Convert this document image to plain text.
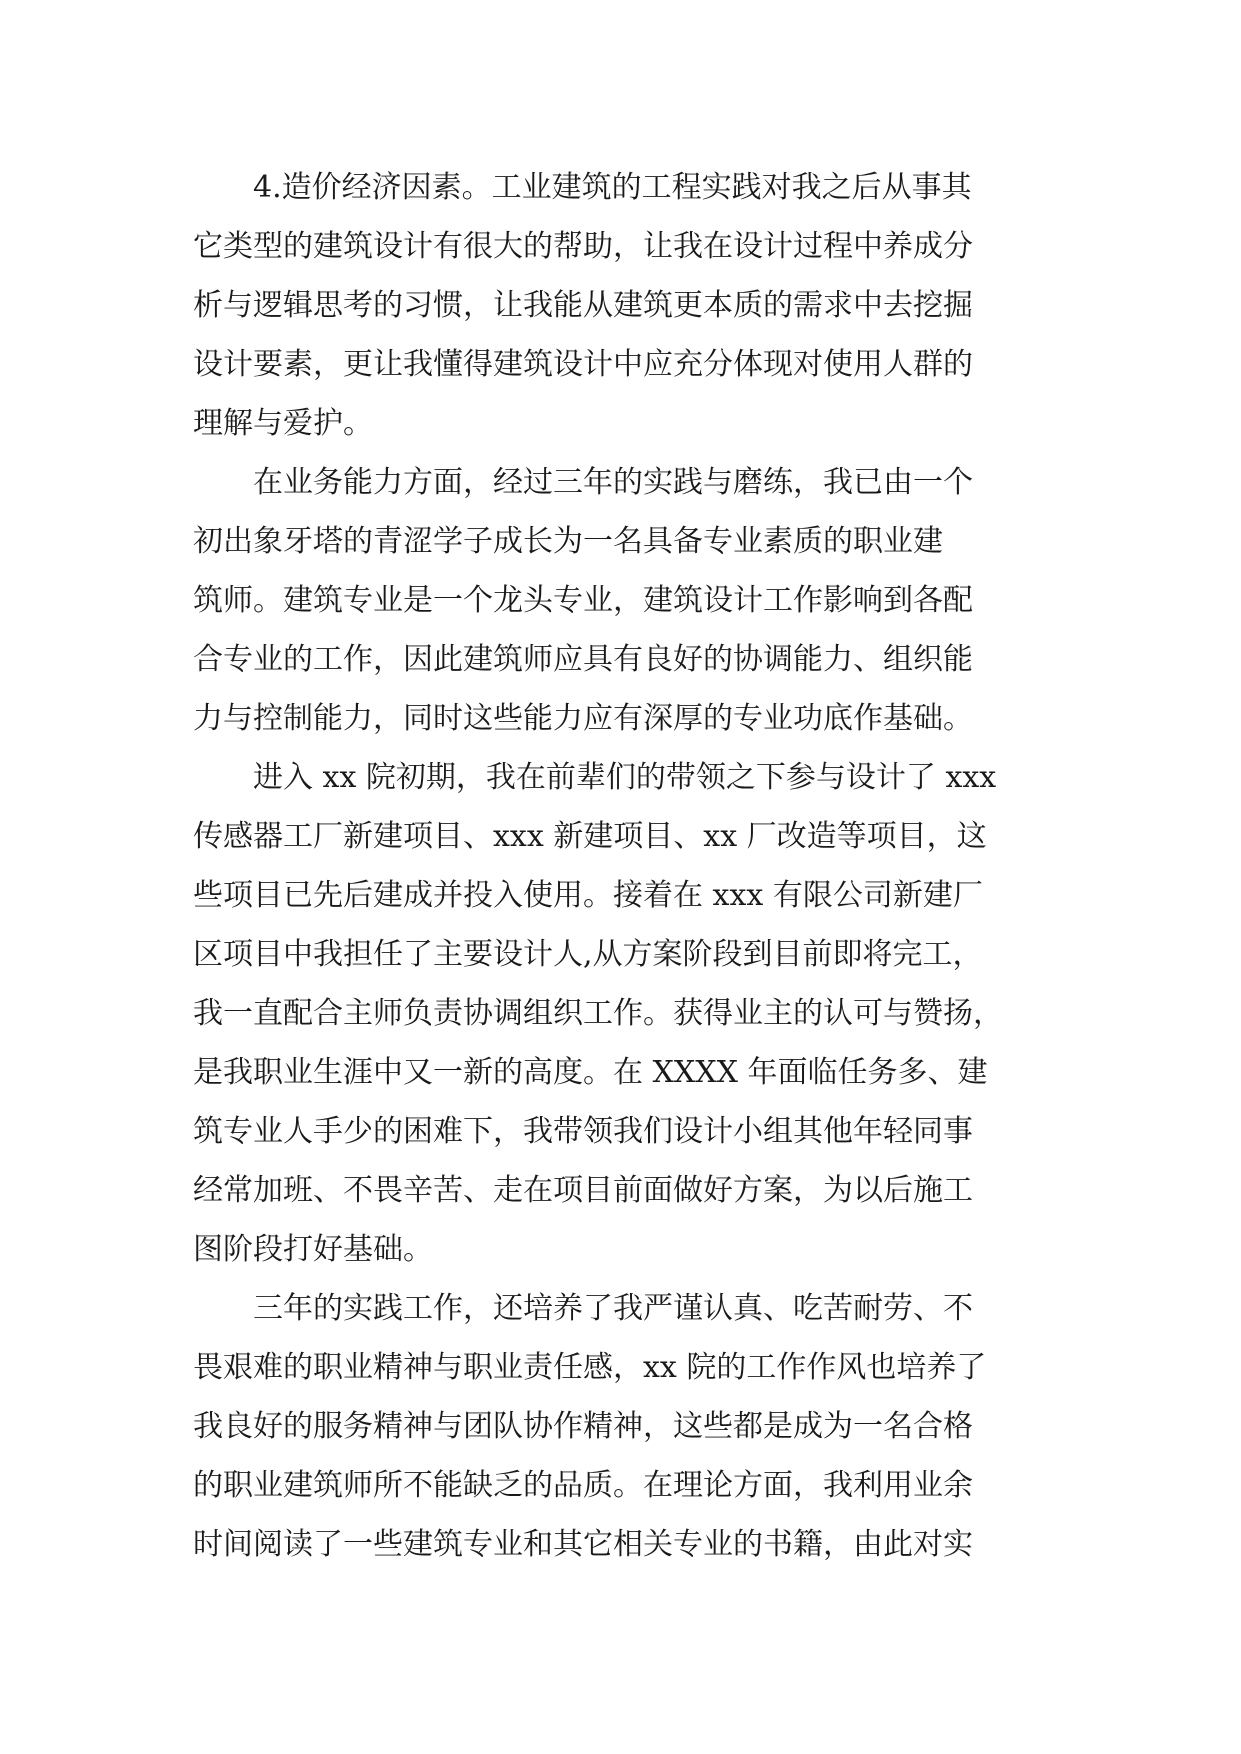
4.造价经济因素。工业建筑的工程实践对我之后从事其
它类型的建筑设计有很大的帮助，让我在设计过程中养成分
析与逻辑思考的习惯，让我能从建筑更本质的需求中去挖掘
设计要素，更让我懂得建筑设计中应充分体现对使用人群的
理解与爱护。
在业务能力方面，经过三年的实践与磨练，我已由一个
初出象牙塔的青涩学子成长为一名具备专业素质的职业建
筑师。建筑专业是一个龙头专业，建筑设计工作影响到各配
合专业的工作，因此建筑师应具有良好的协调能力、组织能
力与控制能力，同时这些能力应有深厚的专业功底作基础。
进入 xx 院初期，我在前辈们的带领之下参与设计了 xxx
传感器工厂新建项目、xxx 新建项目、xx 厂改造等项目，这
些项目已先后建成并投入使用。接着在 xxx 有限公司新建厂
区项目中我担任了主要设计人,从方案阶段到目前即将完工，
我一直配合主师负责协调组织工作。获得业主的认可与赞扬，
是我职业生涯中又一新的高度。在 XXXX 年面临任务多、建
筑专业人手少的困难下，我带领我们设计小组其他年轻同事
经常加班、不畏辛苦、走在项目前面做好方案，为以后施工
图阶段打好基础。
三年的实践工作，还培养了我严谨认真、吃苦耐劳、不
畏艰难的职业精神与职业责任感，xx 院的工作作风也培养了
我良好的服务精神与团队协作精神，这些都是成为一名合格
的职业建筑师所不能缺乏的品质。在理论方面，我利用业余
时间阅读了一些建筑专业和其它相关专业的书籍，由此对实
